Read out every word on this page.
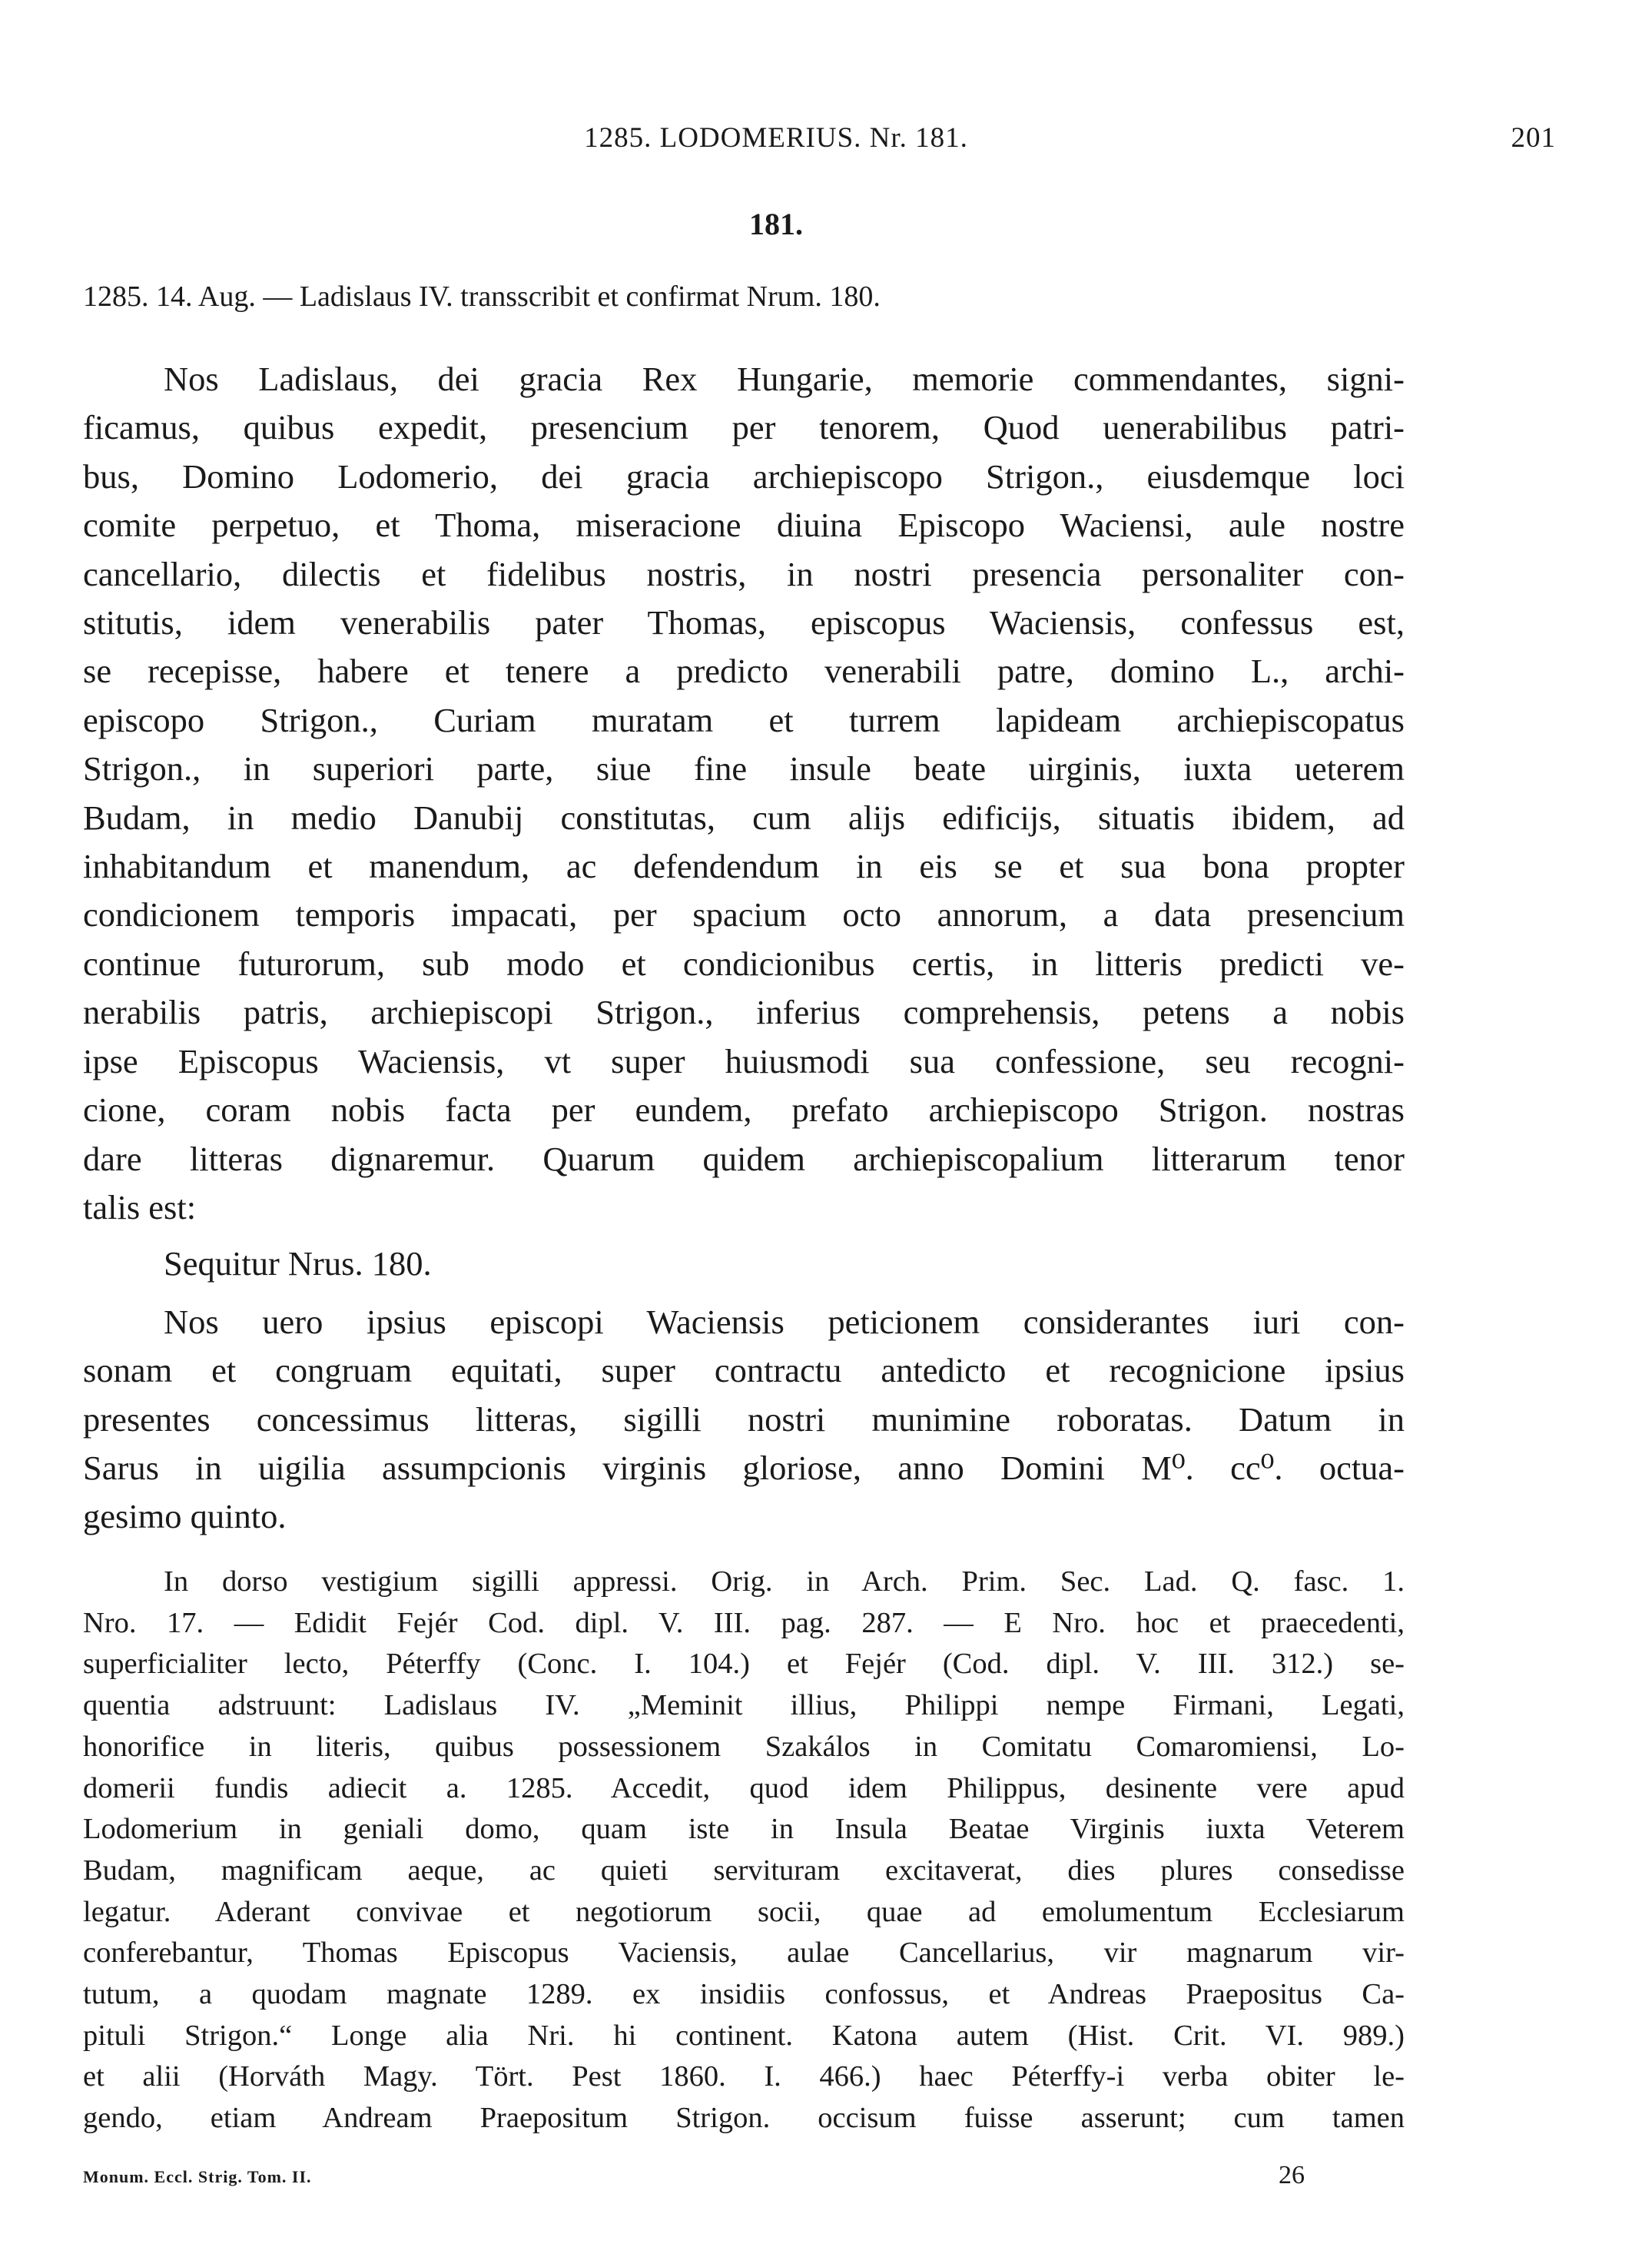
1285. LODOMERIUS. Nr. 181.	201
181.
1285. 14. Aug. — Ladislaus IV. transscribit et confirmat Nrum. 180.

Nos Ladislaus, dei gracia Rex Hungarie, memorie commendantes, signi-
ficamus, quibus expedit, presencium per tenorem, Quod uenerabilibus patri-
bus, Domino Lodomerio, dei gracia archiepiscopo Strigon., eiusdemque loci
comite perpetuo, et Thoma, miseracione diuina Episcopo Waciensi, aule nostre
cancellario, dilectis et fidelibus nostris, in nostri presencia personaliter con-
stitutis, idem venerabilis pater Thomas, episcopus Waciensis, confessus est,
se recepisse, habere et tenere a predicto venerabili patre, domino L., archi-
episcopo Strigon., Curiam muratam et turrem lapideam archiepiscopatus
Strigon., in superiori parte, siue fine insule beate uirginis, iuxta ueterem
Budam, in medio Danubij constitutas, cum alijs edificijs, situatis ibidem, ad
inhabitandum et manendum, ac defendendum in eis se et sua bona propter
condicionem temporis impacati, per spacium octo annorum, a data presencium
continue futurorum, sub modo et condicionibus certis, in litteris predicti ve-
nerabilis patris, archiepiscopi Strigon., inferius comprehensis, petens a nobis
ipse Episcopus Waciensis, vt super huiusmodi sua confessione, seu recogni-
cione, coram nobis facta per eundem, prefato archiepiscopo Strigon. nostras
dare litteras dignaremur. Quarum quidem archiepiscopalium litterarum tenor
talis est:

Sequitur Nrus. 180.

Nos uero ipsius episcopi Waciensis peticionem considerantes iuri con-
sonam et congruam equitati, super contractu antedicto et recognicione ipsius
presentes concessimus litteras, sigilli nostri munimine roboratas. Datum in
Sarus in uigilia assumpcionis virginis gloriose, anno Domini M⁰. cc⁰. octua-
gesimo quinto.

In dorso vestigium sigilli appressi. Orig. in Arch. Prim. Sec. Lad. Q. fasc. 1.
Nro. 17. — Edidit Fejér Cod. dipl. V. III. pag. 287. — E Nro. hoc et praecedenti,
superficialiter lecto, Péterffy (Conc. I. 104.) et Fejér (Cod. dipl. V. III. 312.) se-
quentia adstruunt: Ladislaus IV. „Meminit illius, Philippi nempe Firmani, Legati,
honorifice in literis, quibus possessionem Szakálos in Comitatu Comaromiensi, Lo-
domerii fundis adiecit a. 1285. Accedit, quod idem Philippus, desinente vere apud
Lodomerium in geniali domo, quam iste in Insula Beatae Virginis iuxta Veterem
Budam, magnificam aeque, ac quieti servituram excitaverat, dies plures consedisse
legatur. Aderant convivae et negotiorum socii, quae ad emolumentum Ecclesiarum
conferebantur, Thomas Episcopus Vaciensis, aulae Cancellarius, vir magnarum vir-
tutum, a quodam magnate 1289. ex insidiis confossus, et Andreas Praepositus Ca-
pituli Strigon.“ Longe alia Nri. hi continent. Katona autem (Hist. Crit. VI. 989.)
et alii (Horváth Magy. Tört. Pest 1860. I. 466.) haec Péterffy-i verba obiter le-
gendo, etiam Andream Praepositum Strigon. occisum fuisse asserunt; cum tamen

Monum. Eccl. Strig. Tom. II.	26
